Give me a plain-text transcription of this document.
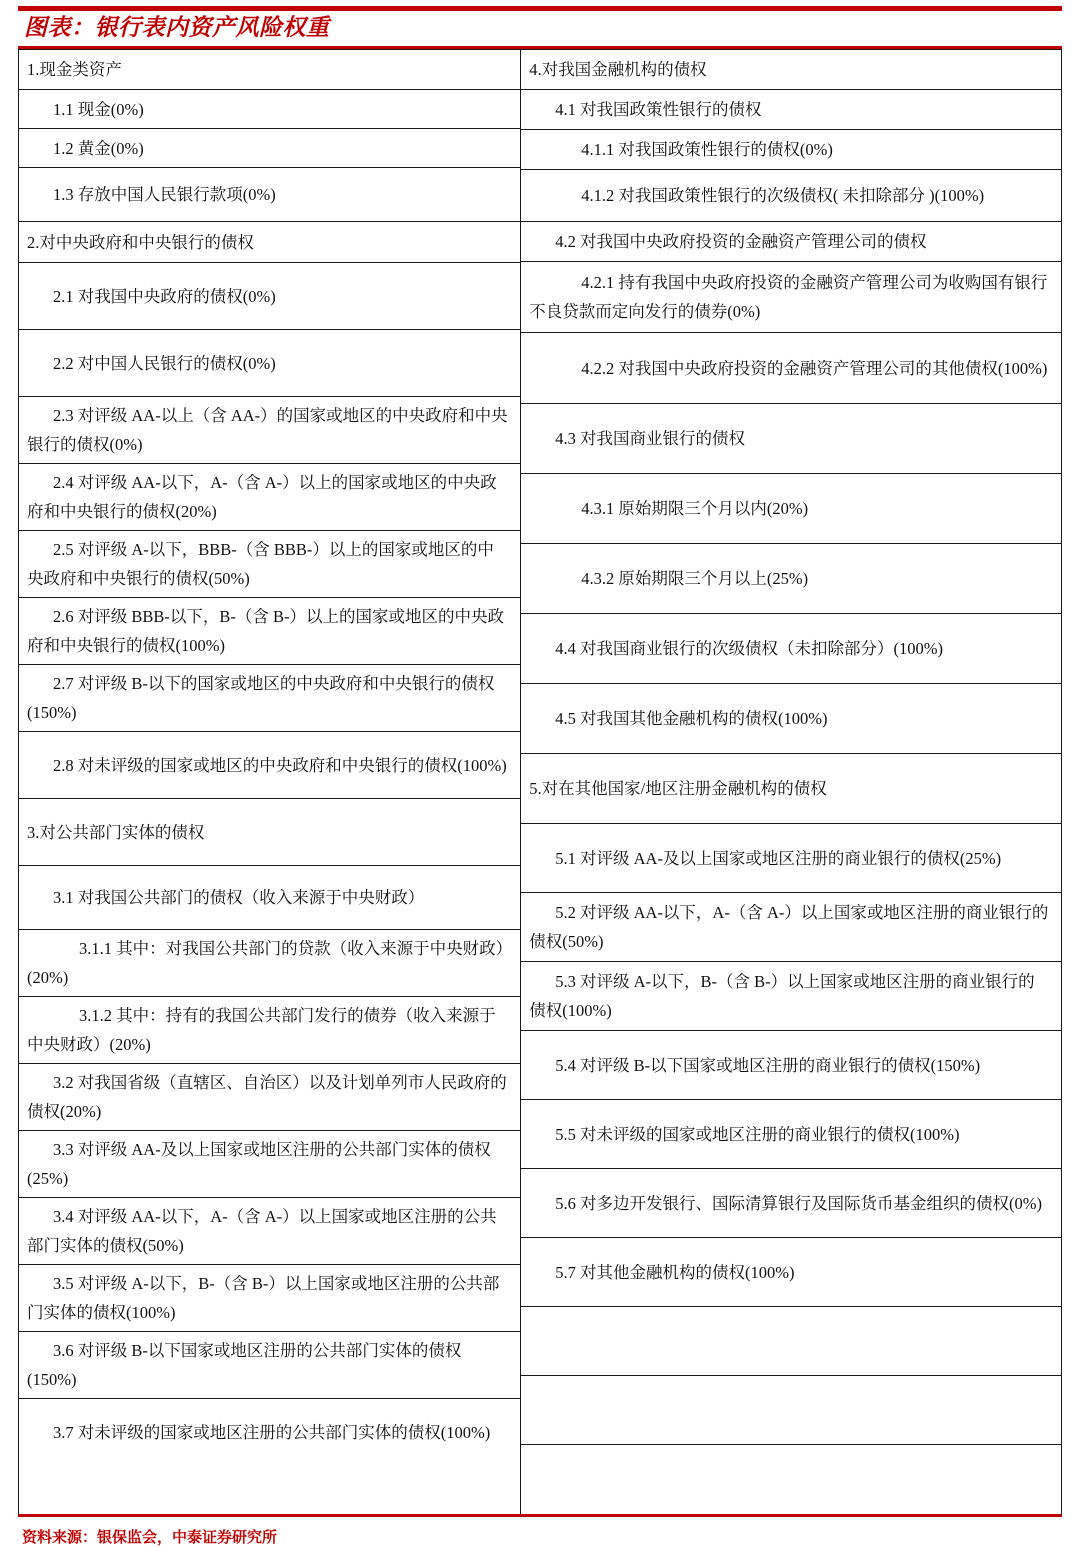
图表：银行表内资产风险权重
1.现金类资产
1.1 现金(0%)
1.2 黄金(0%)
1.3 存放中国人民银行款项(0%)
2.对中央政府和中央银行的债权
2.1 对我国中央政府的债权(0%)
2.2 对中国人民银行的债权(0%)
2.3 对评级 AA-以上（含 AA-）的国家或地区的中央政府和中央银行的债权(0%)
2.4 对评级 AA-以下，A-（含 A-）以上的国家或地区的中央政府和中央银行的债权(20%)
2.5 对评级 A-以下，BBB-（含 BBB-）以上的国家或地区的中央政府和中央银行的债权(50%)
2.6 对评级 BBB-以下，B-（含 B-）以上的国家或地区的中央政府和中央银行的债权(100%)
2.7 对评级 B-以下的国家或地区的中央政府和中央银行的债权(150%)
2.8 对未评级的国家或地区的中央政府和中央银行的债权(100%)
3.对公共部门实体的债权
3.1 对我国公共部门的债权（收入来源于中央财政）
3.1.1 其中：对我国公共部门的贷款（收入来源于中央财政）(20%)
3.1.2 其中：持有的我国公共部门发行的债券（收入来源于中央财政）(20%)
3.2 对我国省级（直辖区、自治区）以及计划单列市人民政府的债权(20%)
3.3 对评级 AA-及以上国家或地区注册的公共部门实体的债权(25%)
3.4 对评级 AA-以下，A-（含 A-）以上国家或地区注册的公共部门实体的债权(50%)
3.5 对评级 A-以下，B-（含 B-）以上国家或地区注册的公共部门实体的债权(100%)
3.6 对评级 B-以下国家或地区注册的公共部门实体的债权(150%)
3.7 对未评级的国家或地区注册的公共部门实体的债权(100%)
4.对我国金融机构的债权
4.1 对我国政策性银行的债权
4.1.1 对我国政策性银行的债权(0%)
4.1.2 对我国政策性银行的次级债权( 未扣除部分 )(100%)
4.2 对我国中央政府投资的金融资产管理公司的债权
4.2.1 持有我国中央政府投资的金融资产管理公司为收购国有银行不良贷款而定向发行的债券(0%)
4.2.2 对我国中央政府投资的金融资产管理公司的其他债权(100%)
4.3 对我国商业银行的债权
4.3.1 原始期限三个月以内(20%)
4.3.2 原始期限三个月以上(25%)
4.4 对我国商业银行的次级债权（未扣除部分）(100%)
4.5 对我国其他金融机构的债权(100%)
5.对在其他国家/地区注册金融机构的债权
5.1 对评级 AA-及以上国家或地区注册的商业银行的债权(25%)
5.2 对评级 AA-以下，A-（含 A-）以上国家或地区注册的商业银行的债权(50%)
5.3 对评级 A-以下，B-（含 B-）以上国家或地区注册的商业银行的债权(100%)
5.4 对评级 B-以下国家或地区注册的商业银行的债权(150%)
5.5 对未评级的国家或地区注册的商业银行的债权(100%)
5.6 对多边开发银行、国际清算银行及国际货币基金组织的债权(0%)
5.7 对其他金融机构的债权(100%)
资料来源：银保监会，中泰证券研究所
